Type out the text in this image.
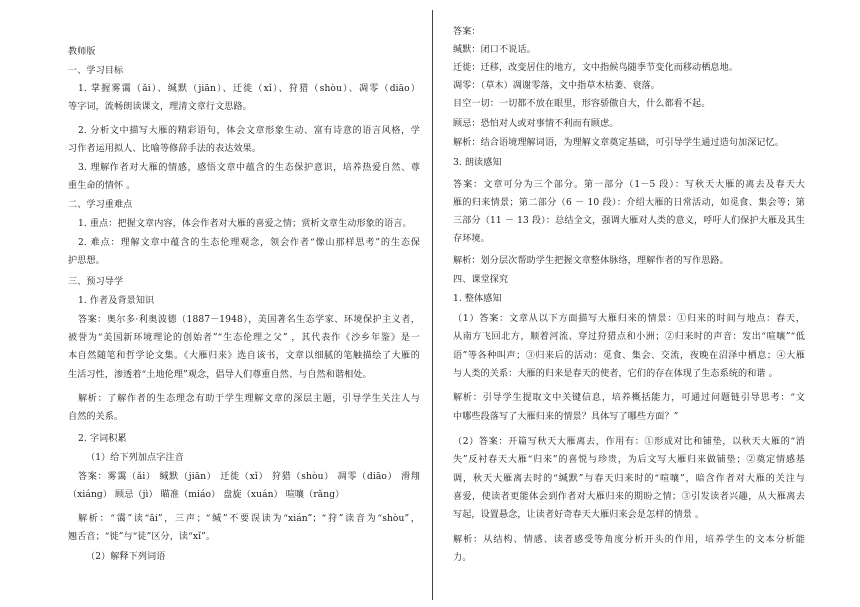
教师版
一、学习目标
1. 掌握雾霭（ǎi）、缄默（jiān）、迁徙（xǐ）、狩猎（shòu）、凋零（diāo）
等字词，流畅朗读课文，理清文章行文思路。
2. 分析文中描写大雁的精彩语句，体会文章形象生动、富有诗意的语言风格，学
习作者运用拟人、比喻等修辞手法的表达效果。
3. 理解作者对大雁的情感，感悟文章中蕴含的生态保护意识，培养热爱自然、尊
重生命的情怀 。
二、学习重难点
1. 重点：把握文章内容，体会作者对大雁的喜爱之情；赏析文章生动形象的语言。
2. 难点：理解文章中蕴含的生态伦理观念，领会作者“像山那样思考”的生态保
护思想。
三、预习导学
1. 作者及背景知识
答案：奥尔多·利奥波德（1887－1948），美国著名生态学家、环境保护主义者，
被誉为“美国新环境理论的创始者”“生态伦理之父” ，其代表作《沙乡年鉴》是一
本自然随笔和哲学论文集。《大雁归来》选自该书，文章以细腻的笔触描绘了大雁的
生活习性，渗透着“土地伦理”观念，倡导人们尊重自然、与自然和谐相处。
解析：了解作者的生态理念有助于学生理解文章的深层主题，引导学生关注人与
自然的关系。
2. 字词积累
（1）给下列加点字注音
答案：雾霭（ǎi） 缄默（jiān） 迁徙（xǐ） 狩猎（shòu） 凋零（diāo） 滑翔
（xiáng） 顾忌（jì） 瞄准（miáo） 盘旋（xuán） 喧嚷（rǎng）
解析：“霭”读“ǎi”，三声；“缄”不要误读为“xián”；“狩”读音为“shòu”，
翘舌音；“徙”与“徒”区分，读“xǐ”。
（2）解释下列词语
答案：
缄默：闭口不说话。
迁徙：迁移，改变居住的地方，文中指候鸟随季节变化而移动栖息地。
凋零：（草木）凋谢零落，文中指草木枯萎、衰落。
目空一切：一切都不放在眼里，形容骄傲自大，什么都看不起。
顾忌：恐怕对人或对事情不利而有顾虑。
解析：结合语境理解词语，为理解文章奠定基础，可引导学生通过造句加深记忆。
3. 朗读感知
答案：文章可分为三个部分。第一部分（1－5 段）：写秋天大雁的离去及春天大
雁的归来情景；第二部分（6 － 10 段）：介绍大雁的日常活动，如觅食、集会等；第
三部分（11 － 13 段）：总结全文，强调大雁对人类的意义，呼吁人们保护大雁及其生
存环境。
解析：划分层次帮助学生把握文章整体脉络，理解作者的写作思路。
四、课堂探究
1. 整体感知
（1）答案：文章从以下方面描写大雁归来的情景：①归来的时间与地点：春天，
从南方飞回北方，顺着河流、穿过狩猎点和小洲；②归来时的声音：发出“喧嚷”“低
语”等各种叫声；③归来后的活动：觅食、集会、交流，夜晚在沼泽中栖息；④大雁
与人类的关系：大雁的归来是春天的使者，它们的存在体现了生态系统的和谐 。
解析：引导学生提取文中关键信息，培养概括能力，可通过问题链引导思考：“文
中哪些段落写了大雁归来的情景？具体写了哪些方面？”
（2）答案：开篇写秋天大雁离去，作用有：①形成对比和铺垫，以秋天大雁的“消
失”反衬春天大雁“归来”的喜悦与珍贵，为后文写大雁归来做铺垫；②奠定情感基
调，秋天大雁离去时的“缄默”与春天归来时的“喧嚷”，暗含作者对大雁的关注与
喜爱，使读者更能体会到作者对大雁归来的期盼之情；③引发读者兴趣，从大雁离去
写起，设置悬念，让读者好奇春天大雁归来会是怎样的情景 。
解析：从结构、情感、读者感受等角度分析开头的作用，培养学生的文本分析能
力。
